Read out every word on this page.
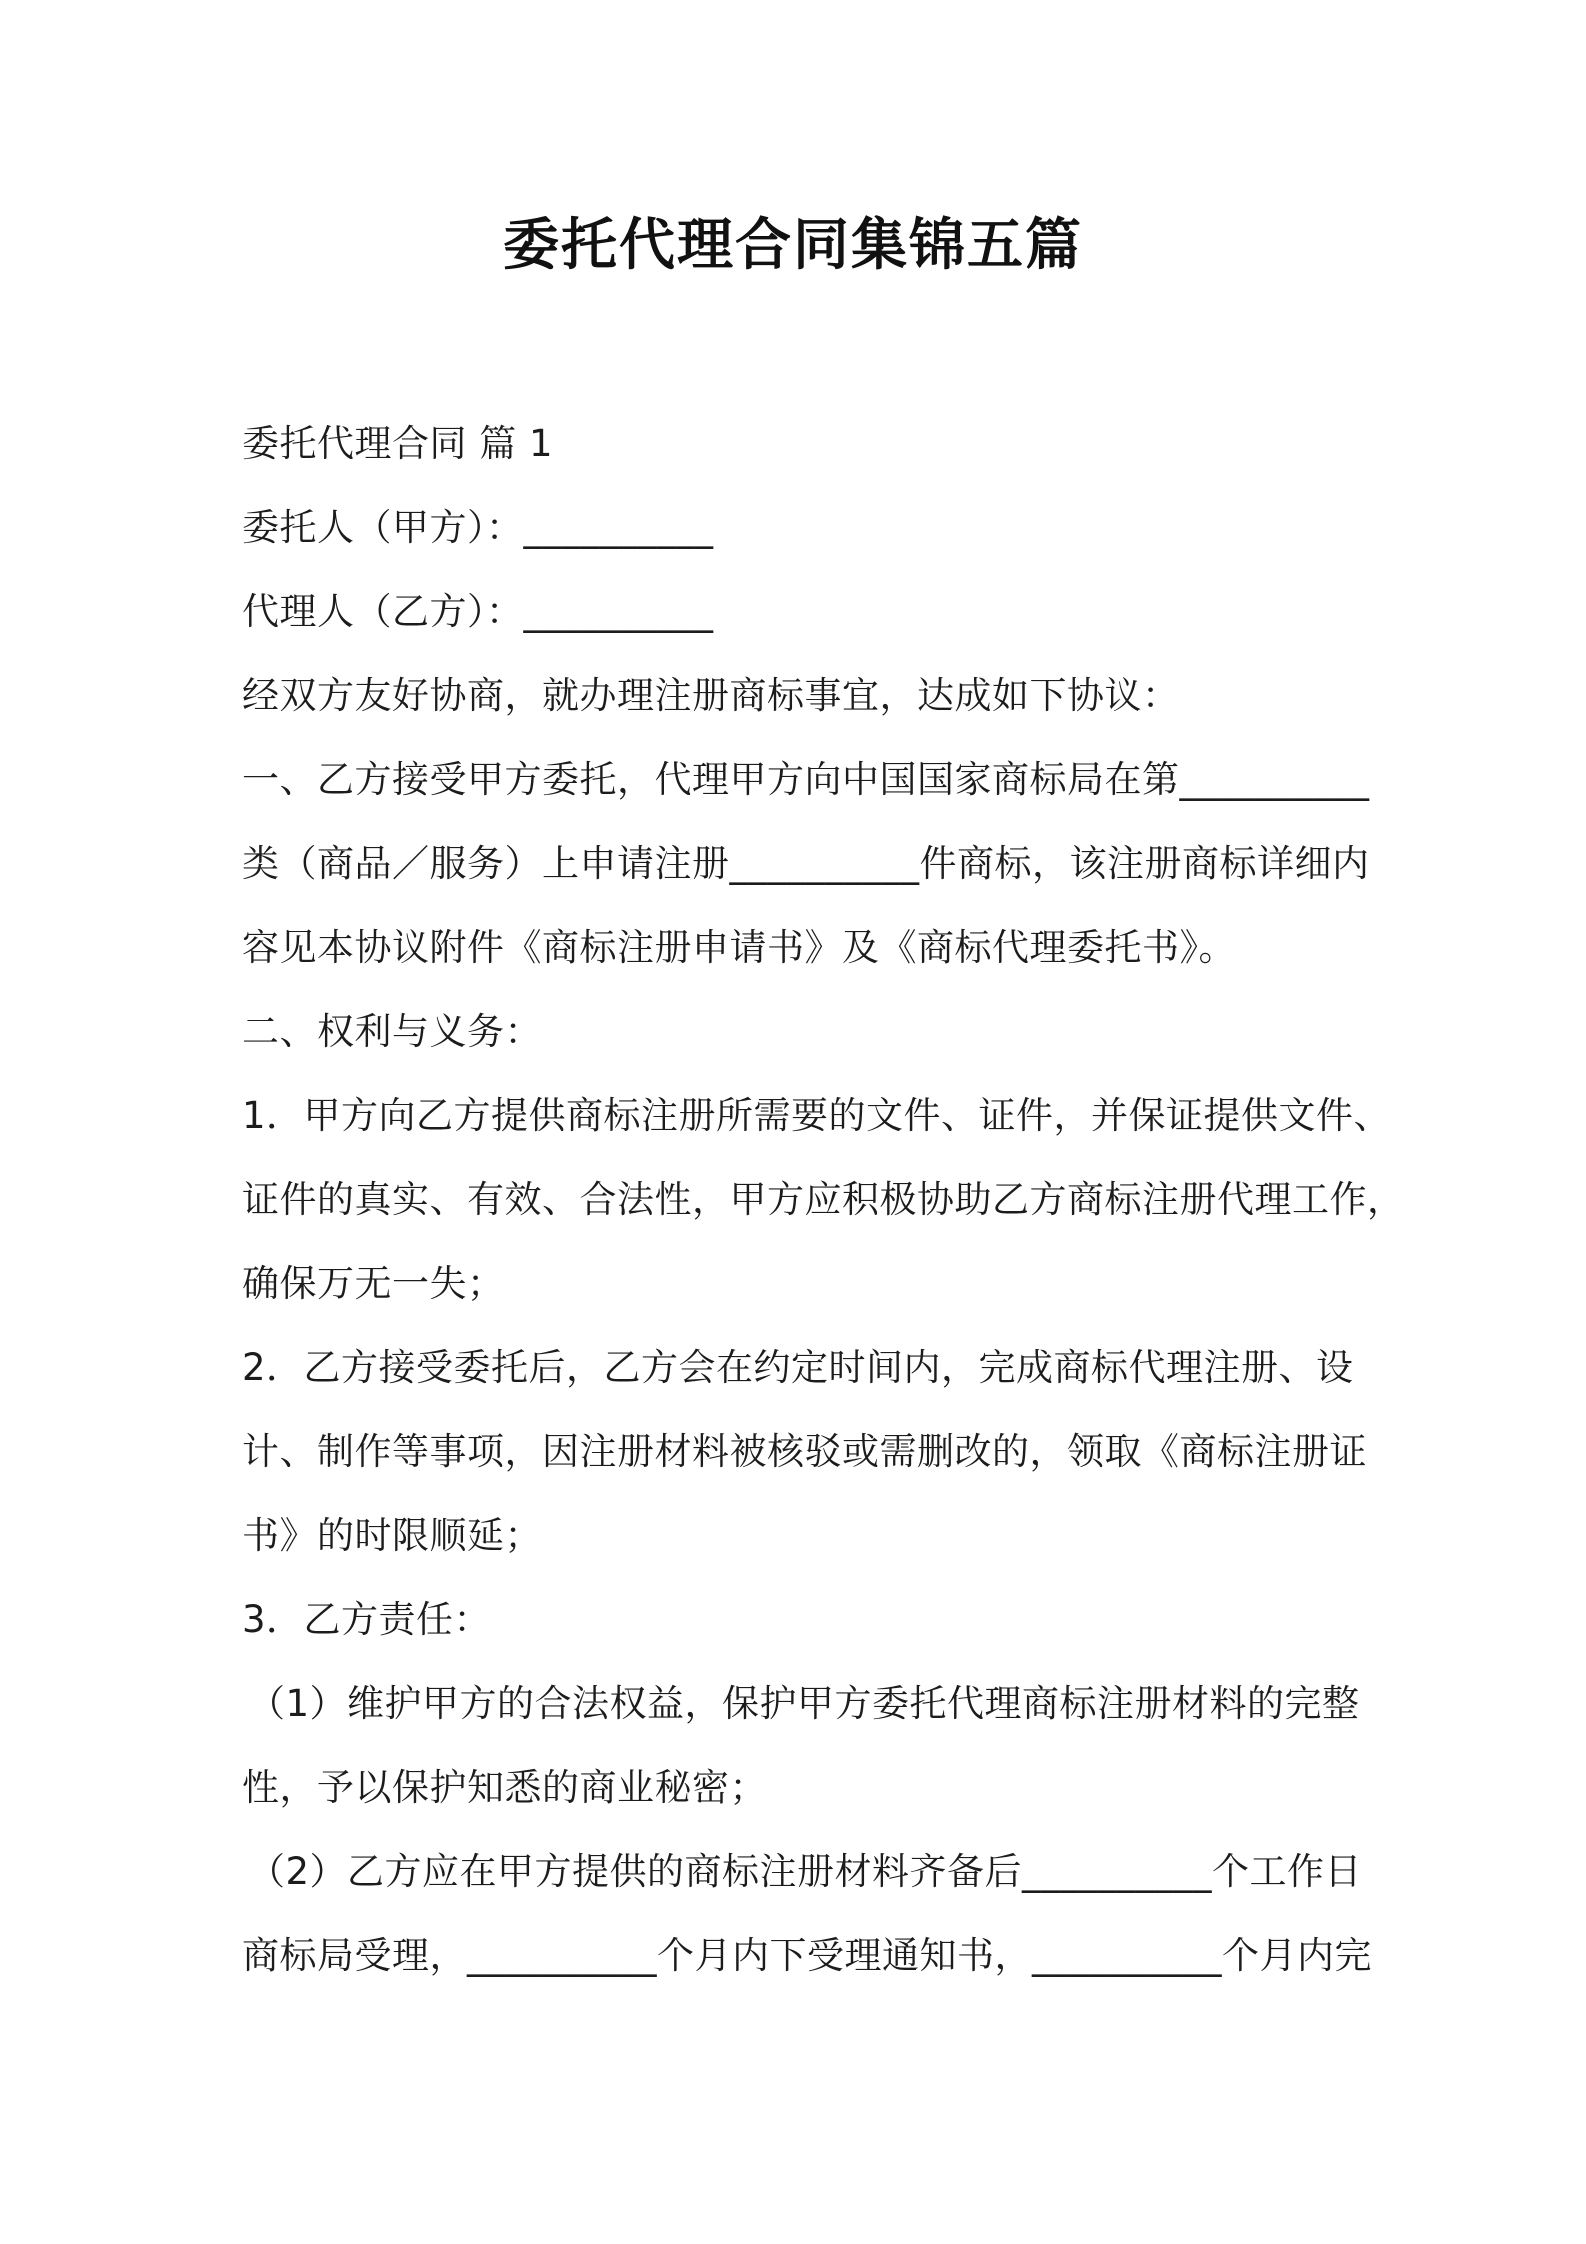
委托代理合同集锦五篇

委托代理合同 篇 1

委托人（甲方）：__________

代理人（乙方）：__________

经双方友好协商，就办理注册商标事宜，达成如下协议：

一、乙方接受甲方委托，代理甲方向中国国家商标局在第__________

类（商品／服务）上申请注册__________件商标，该注册商标详细内

容见本协议附件《商标注册申请书》及《商标代理委托书》。

二、权利与义务：

1．甲方向乙方提供商标注册所需要的文件、证件，并保证提供文件、

证件的真实、有效、合法性，甲方应积极协助乙方商标注册代理工作，

确保万无一失；

2．乙方接受委托后，乙方会在约定时间内，完成商标代理注册、设

计、制作等事项，因注册材料被核驳或需删改的，领取《商标注册证

书》的时限顺延；

3．乙方责任：

（1）维护甲方的合法权益，保护甲方委托代理商标注册材料的完整

性，予以保护知悉的商业秘密；

（2）乙方应在甲方提供的商标注册材料齐备后__________个工作日

商标局受理，__________个月内下受理通知书，__________个月内完
